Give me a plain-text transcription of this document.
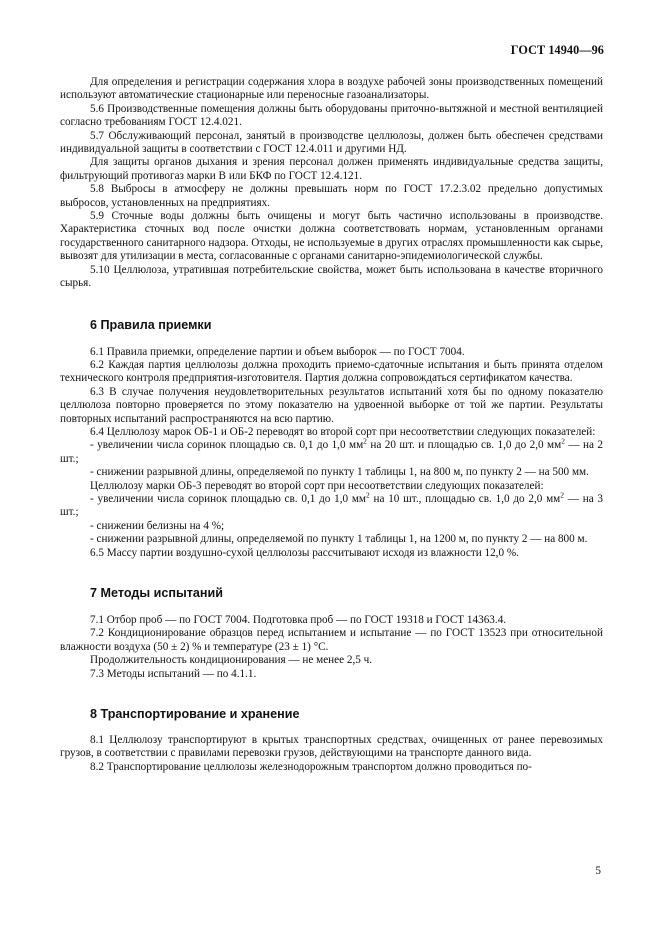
ГОСТ 14940—96

Для определения и регистрации содержания хлора в воздухе рабочей зоны производственных помещений используют автоматические стационарные или переносные газоанализаторы.

5.6 Производственные помещения должны быть оборудованы приточно-вытяжной и местной вентиляцией согласно требованиям ГОСТ 12.4.021.

5.7 Обслуживающий персонал, занятый в производстве целлюлозы, должен быть обеспечен средствами индивидуальной защиты в соответствии с ГОСТ 12.4.011 и другими НД.

Для защиты органов дыхания и зрения персонал должен применять индивидуальные средства защиты, фильтрующий противогаз марки В или БКФ по ГОСТ 12.4.121.

5.8 Выбросы в атмосферу не должны превышать норм по ГОСТ 17.2.3.02 предельно допустимых выбросов, установленных на предприятиях.

5.9 Сточные воды должны быть очищены и могут быть частично использованы в производстве. Характеристика сточных вод после очистки должна соответствовать нормам, установленным органами государственного санитарного надзора. Отходы, не используемые в других отраслях промышленности как сырье, вывозят для утилизации в места, согласованные с органами санитарно-эпидемиологической службы.

5.10 Целлюлоза, утратившая потребительские свойства, может быть использована в качестве вторичного сырья.

6 Правила приемки

6.1 Правила приемки, определение партии и объем выборок — по ГОСТ 7004.

6.2 Каждая партия целлюлозы должна проходить приемо-сдаточные испытания и быть принята отделом технического контроля предприятия-изготовителя. Партия должна сопровождаться сертификатом качества.

6.3 В случае получения неудовлетворительных результатов испытаний хотя бы по одному показателю целлюлоза повторно проверяется по этому показателю на удвоенной выборке от той же партии. Результаты повторных испытаний распространяются на всю партию.

6.4 Целлюлозу марок ОБ-1 и ОБ-2 переводят во второй сорт при несоответствии следующих показателей:

- увеличении числа соринок площадью св. 0,1 до 1,0 $мм^2$ на 20 шт. и площадью св. 1,0 до 2,0 $мм^2$ — на 2 шт.;

- снижении разрывной длины, определяемой по пункту 1 таблицы 1, на 800 м, по пункту 2 — на 500 мм.

Целлюлозу марки ОБ-3 переводят во второй сорт при несоответствии следующих показателей:

- увеличении числа соринок площадью св. 0,1 до 1,0 $мм^2$ на 10 шт., площадью св. 1,0 до 2,0 $мм^2$ — на 3 шт.;

- снижении белизны на 4 %;

- снижении разрывной длины, определяемой по пункту 1 таблицы 1, на 1200 м, по пункту 2 — на 800 м.

6.5 Массу партии воздушно-сухой целлюлозы рассчитывают исходя из влажности 12,0 %.

7 Методы испытаний

7.1 Отбор проб — по ГОСТ 7004. Подготовка проб — по ГОСТ 19318 и ГОСТ 14363.4.

7.2 Кондиционирование образцов перед испытанием и испытание — по ГОСТ 13523 при относительной влажности воздуха (50 ± 2) % и температуре (23 ± 1) °С.

Продолжительность кондиционирования — не менее 2,5 ч.

7.3 Методы испытаний — по 4.1.1.

8 Транспортирование и хранение

8.1 Целлюлозу транспортируют в крытых транспортных средствах, очищенных от ранее перевозимых грузов, в соответствии с правилами перевозки грузов, действующими на транспорте данного вида.

8.2 Транспортирование целлюлозы железнодорожным транспортом должно проводиться по-

5
